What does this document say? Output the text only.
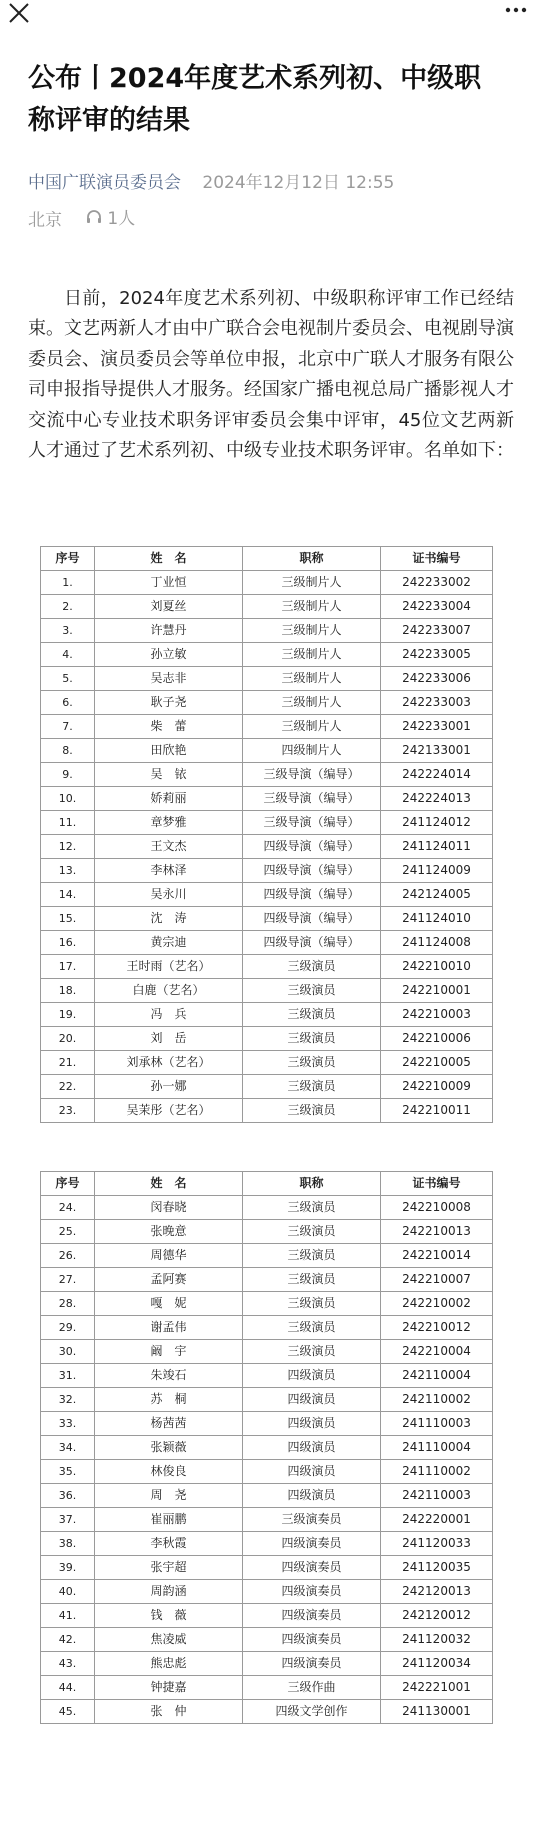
公布丨2024年度艺术系列初、中级职称评审的结果
中国广联演员委员会 2024年12月12日 12:55
北京	1人
日前，2024年度艺术系列初、中级职称评审工作已经结束。文艺两新人才由中广联合会电视制片委员会、电视剧导演委员会、演员委员会等单位申报，北京中广联人才服务有限公司申报指导提供人才服务。经国家广播电视总局广播影视人才交流中心专业技术职务评审委员会集中评审，45位文艺两新人才通过了艺术系列初、中级专业技术职务评审。名单如下：
序号	姓　名	职称	证书编号
1.	丁业恒	三级制片人	242233002
2.	刘夏丝	三级制片人	242233004
3.	许慧丹	三级制片人	242233007
4.	孙立敏	三级制片人	242233005
5.	吴志非	三级制片人	242233006
6.	耿子尧	三级制片人	242233003
7.	柴　蕾	三级制片人	242233001
8.	田欣艳	四级制片人	242133001
9.	吴　铱	三级导演（编导）	242224014
10.	娇莉丽	三级导演（编导）	242224013
11.	章梦雅	三级导演（编导）	241124012
12.	王文杰	四级导演（编导）	241124011
13.	李林泽	四级导演（编导）	241124009
14.	吴永川	四级导演（编导）	242124005
15.	沈　涛	四级导演（编导）	241124010
16.	黄宗迪	四级导演（编导）	241124008
17.	王时雨（艺名）	三级演员	242210010
18.	白鹿（艺名）	三级演员	242210001
19.	冯　兵	三级演员	242210003
20.	刘　岳	三级演员	242210006
21.	刘承林（艺名）	三级演员	242210005
22.	孙一娜	三级演员	242210009
23.	吴茉彤（艺名）	三级演员	242210011
序号	姓　名	职称	证书编号
24.	闵春晓	三级演员	242210008
25.	张晚意	三级演员	242210013
26.	周德华	三级演员	242210014
27.	孟阿赛	三级演员	242210007
28.	嘎　妮	三级演员	242210002
29.	谢孟伟	三级演员	242210012
30.	阚　宇	三级演员	242210004
31.	朱竣石	四级演员	242110004
32.	苏　桐	四级演员	242110002
33.	杨茜茜	四级演员	241110003
34.	张颖薇	四级演员	241110004
35.	林俊良	四级演员	241110002
36.	周　尧	四级演员	242110003
37.	崔丽鹏	三级演奏员	242220001
38.	李秋霞	四级演奏员	241120033
39.	张宇超	四级演奏员	241120035
40.	周韵涵	四级演奏员	242120013
41.	钱　薇	四级演奏员	242120012
42.	焦凌威	四级演奏员	241120032
43.	熊忠彪	四级演奏员	241120034
44.	钟捷嘉	三级作曲	242221001
45.	张　仲	四级文学创作	241130001
